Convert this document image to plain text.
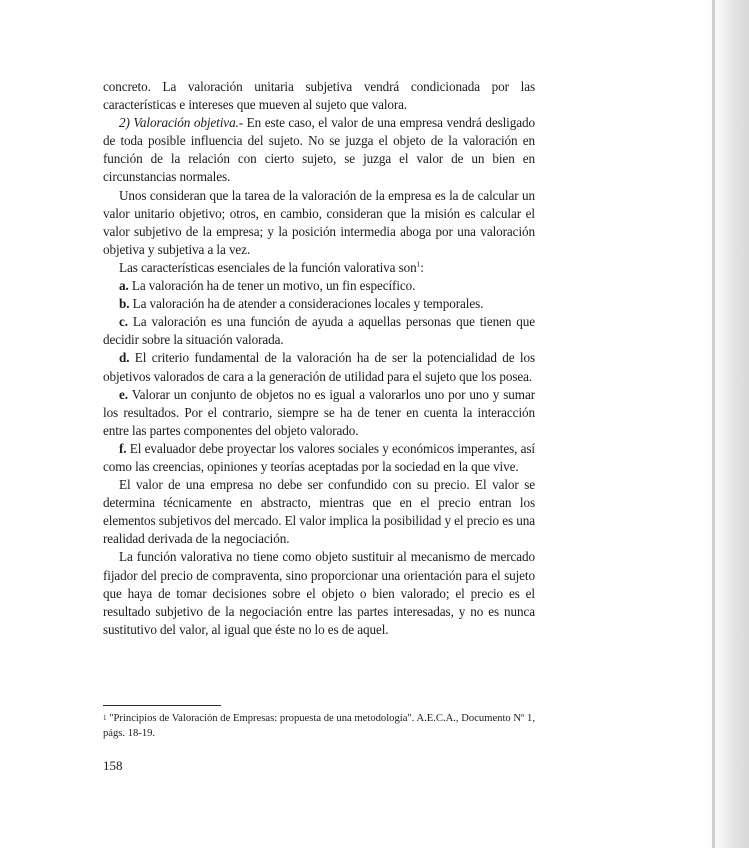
concreto. La valoración unitaria subjetiva vendrá condicionada por las características e intereses que mueven al sujeto que valora.

2) Valoración objetiva.- En este caso, el valor de una empresa vendrá desligado de toda posible influencia del sujeto. No se juzga el objeto de la valoración en función de la relación con cierto sujeto, se juzga el valor de un bien en circunstancias normales.

Unos consideran que la tarea de la valoración de la empresa es la de calcular un valor unitario objetivo; otros, en cambio, consideran que la misión es calcular el valor subjetivo de la empresa; y la posición intermedia aboga por una valoración objetiva y subjetiva a la vez.

Las características esenciales de la función valorativa son$^1$:

a. La valoración ha de tener un motivo, un fin específico.

b. La valoración ha de atender a consideraciones locales y temporales.

c. La valoración es una función de ayuda a aquellas personas que tienen que decidir sobre la situación valorada.

d. El criterio fundamental de la valoración ha de ser la potencialidad de los objetivos valorados de cara a la generación de utilidad para el sujeto que los posea.

e. Valorar un conjunto de objetos no es igual a valorarlos uno por uno y sumar los resultados. Por el contrario, siempre se ha de tener en cuenta la interacción entre las partes componentes del objeto valorado.

f. El evaluador debe proyectar los valores sociales y económicos imperantes, así como las creencias, opiniones y teorías aceptadas por la sociedad en la que vive.

El valor de una empresa no debe ser confundido con su precio. El valor se determina técnicamente en abstracto, mientras que en el precio entran los elementos subjetivos del mercado. El valor implica la posibilidad y el precio es una realidad derivada de la negociación.

La función valorativa no tiene como objeto sustituir al mecanismo de mercado fijador del precio de compraventa, sino proporcionar una orientación para el sujeto que haya de tomar decisiones sobre el objeto o bien valorado; el precio es el resultado subjetivo de la negociación entre las partes interesadas, y no es nunca sustitutivo del valor, al igual que éste no lo es de aquel.

$^1$ "Principios de Valoración de Empresas: propuesta de una metodología". A.E.C.A., Documento Nº 1, págs. 18-19.
158
